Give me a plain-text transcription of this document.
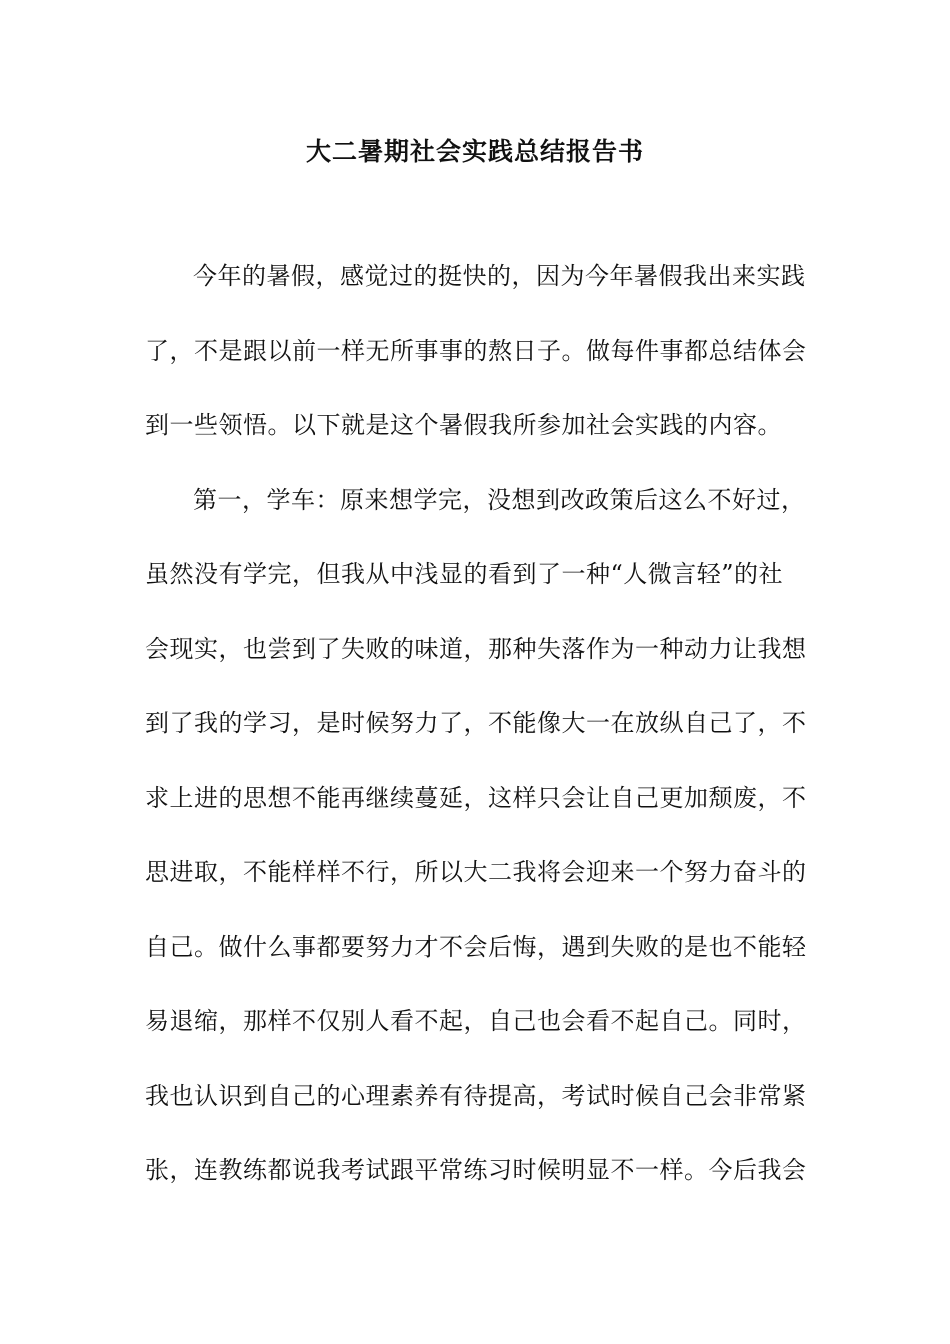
大二暑期社会实践总结报告书
今年的暑假，感觉过的挺快的，因为今年暑假我出来实践
了，不是跟以前一样无所事事的熬日子。做每件事都总结体会
到一些领悟。以下就是这个暑假我所参加社会实践的内容。
第一，学车：原来想学完，没想到改政策后这么不好过，
虽然没有学完，但我从中浅显的看到了一种“人微言轻”的社
会现实，也尝到了失败的味道，那种失落作为一种动力让我想
到了我的学习，是时候努力了，不能像大一在放纵自己了，不
求上进的思想不能再继续蔓延，这样只会让自己更加颓废，不
思进取，不能样样不行，所以大二我将会迎来一个努力奋斗的
自己。做什么事都要努力才不会后悔，遇到失败的是也不能轻
易退缩，那样不仅别人看不起，自己也会看不起自己。同时，
我也认识到自己的心理素养有待提高，考试时候自己会非常紧
张，连教练都说我考试跟平常练习时候明显不一样。今后我会
